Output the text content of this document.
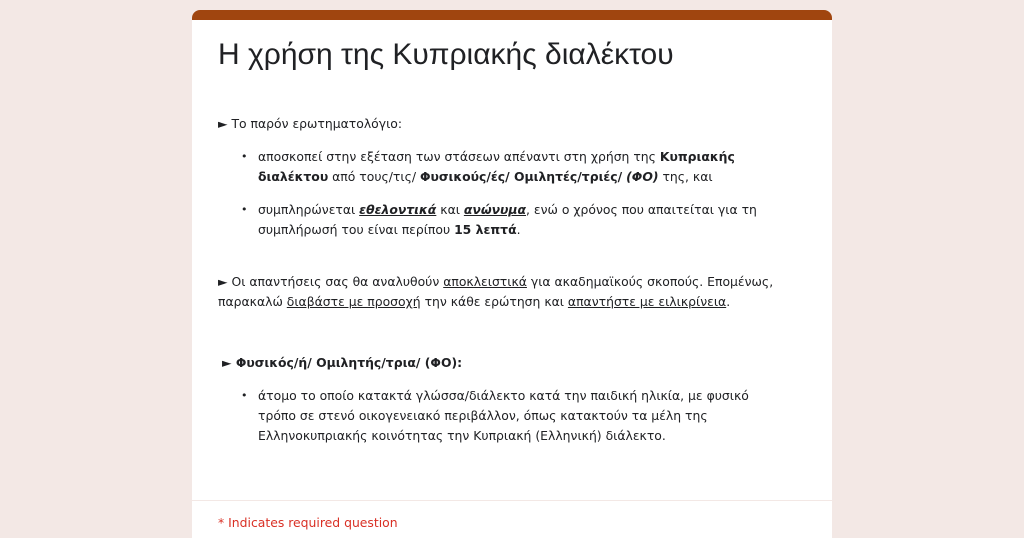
Η χρήση της Κυπριακής διαλέκτου

► Το παρόν ερωτηματολόγιο:

• αποσκοπεί στην εξέταση των στάσεων απέναντι στη χρήση της Κυπριακής διαλέκτου από τους/τις/ Φυσικούς/ές/ Ομιλητές/τριές/ (ΦΟ) της, και
• συμπληρώνεται εθελοντικά και ανώνυμα, ενώ ο χρόνος που απαιτείται για τη συμπλήρωσή του είναι περίπου 15 λεπτά.

► Οι απαντήσεις σας θα αναλυθούν αποκλειστικά για ακαδημαϊκούς σκοπούς. Επομένως, παρακαλώ διαβάστε με προσοχή την κάθε ερώτηση και απαντήστε με ειλικρίνεια.

► Φυσικός/ή/ Ομιλητής/τρια/ (ΦΟ):

• άτομο το οποίο κατακτά γλώσσα/διάλεκτο κατά την παιδική ηλικία, με φυσικό τρόπο σε στενό οικογενειακό περιβάλλον, όπως κατακτούν τα μέλη της Ελληνοκυπριακής κοινότητας την Κυπριακή (Ελληνική) διάλεκτο.
* Indicates required question
